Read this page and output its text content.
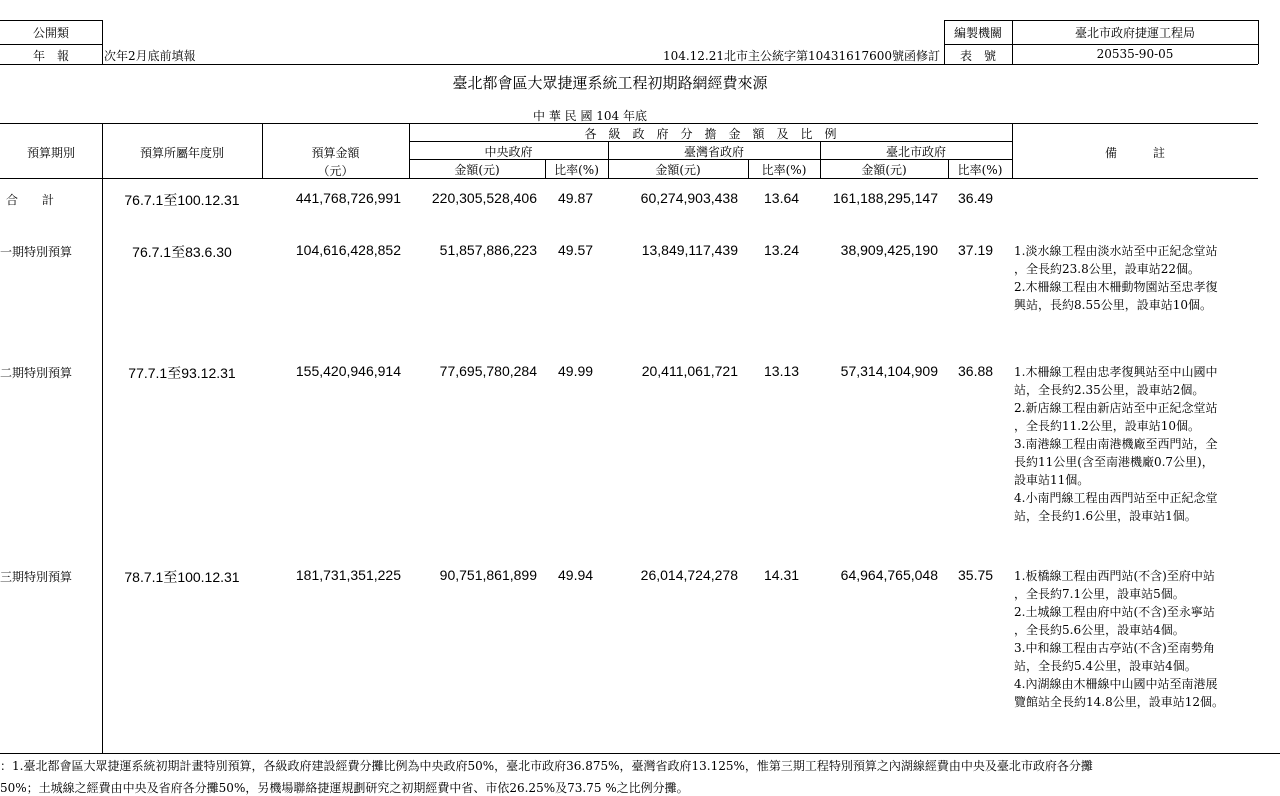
公開類
年　報	次年2月底前填報	104.12.21北市主公統字第10431617600號函修訂
編製機關	臺北市政府捷運工程局
表　號	20535-90-05
臺北都會區大眾捷運系統工程初期路網經費來源
中 華 民 國 104 年底
預算期別	預算所屬年度別	預算金額
（元）
各　級　政　府　分　擔　金　額　及　比　例
中央政府	臺灣省政府	臺北市政府
金額(元)	比率(%)	金額(元)	比率(%)	金額(元)	比率(%)
備　　　註
合　　計	76.7.1至100.12.31	441,768,726,991	220,305,528,406 49.87	60,274,903,438 13.64	161,188,295,147 36.49
一期特別預算	76.7.1至83.6.30	104,616,428,852	51,857,886,223 49.57	13,849,117,439 13.24	38,909,425,190 37.19 1.淡水線工程由淡水站至中正紀念堂站
，全長約23.8公里，設車站22個。
2.木柵線工程由木柵動物園站至忠孝復
興站，長約8.55公里，設車站10個。
二期特別預算	77.7.1至93.12.31	155,420,946,914	77,695,780,284 49.99	20,411,061,721 13.13	57,314,104,909 36.88 1.木柵線工程由忠孝復興站至中山國中
站，全長約2.35公里，設車站2個。
2.新店線工程由新店站至中正紀念堂站
，全長約11.2公里，設車站10個。
3.南港線工程由南港機廠至西門站，全
長約11公里(含至南港機廠0.7公里)，
設車站11個。
4.小南門線工程由西門站至中正紀念堂
站，全長約1.6公里，設車站1個。
三期特別預算	78.7.1至100.12.31	181,731,351,225	90,751,861,899 49.94	26,014,724,278 14.31	64,964,765,048 35.75 1.板橋線工程由西門站(不含)至府中站
，全長約7.1公里，設車站5個。
2.土城線工程由府中站(不含)至永寧站
，全長約5.6公里，設車站4個。
3.中和線工程由古亭站(不含)至南勢角
站，全長約5.4公里，設車站4個。
4.內湖線由木柵線中山國中站至南港展
覽館站全長約14.8公里，設車站12個。
：1.臺北都會區大眾捷運系統初期計畫特別預算，各級政府建設經費分攤比例為中央政府50%，臺北市政府36.875%，臺灣省政府13.125%，惟第三期工程特別預算之內湖線經費由中央及臺北市政府各分攤
50%；土城線之經費由中央及省府各分攤50%，另機場聯絡捷運規劃研究之初期經費中省、市依26.25%及73.75 %之比例分攤。
